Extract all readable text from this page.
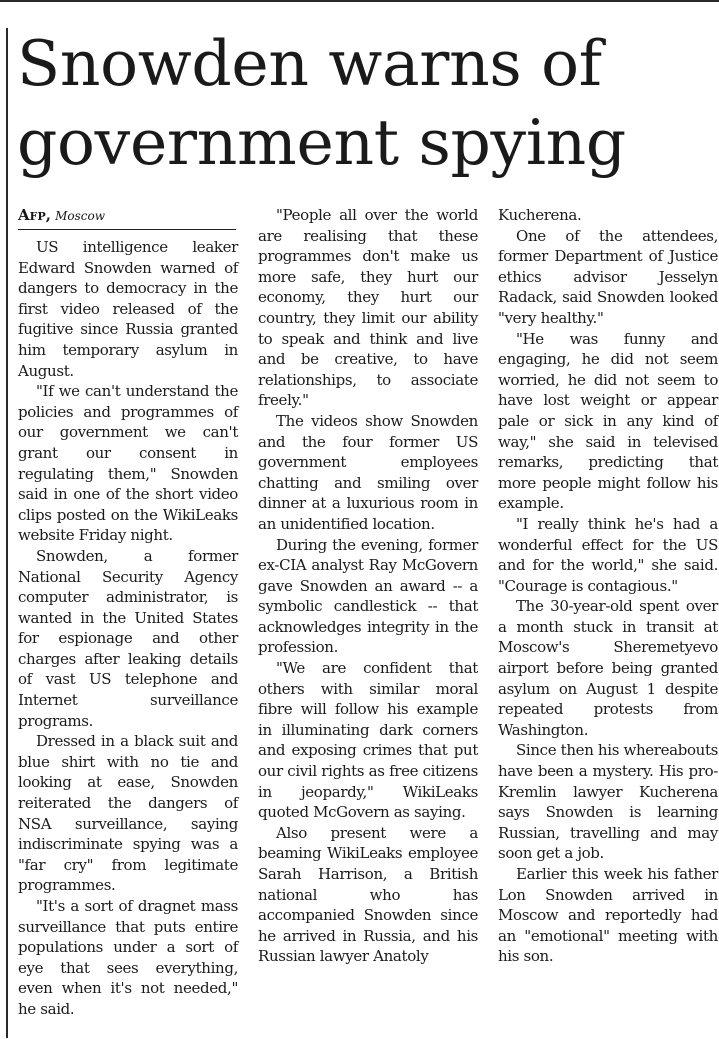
Snowden warns of
government spying
Afp, Moscow

US intelligence leaker Edward Snowden warned of dangers to democracy in the first video released of the fugitive since Russia granted him temporary asylum in August.

"If we can't understand the policies and programmes of our government we can't grant our consent in regulating them," Snowden said in one of the short video clips posted on the WikiLeaks website Friday night.

Snowden, a former National Security Agency computer administrator, is wanted in the United States for espionage and other charges after leaking details of vast US telephone and Internet surveillance programs.

Dressed in a black suit and blue shirt with no tie and looking at ease, Snowden reiterated the dangers of NSA surveillance, saying indiscriminate spying was a "far cry" from legitimate programmes.

"It's a sort of dragnet mass surveillance that puts entire populations under a sort of eye that sees everything, even when it's not needed," he said.

"People all over the world are realising that these programmes don't make us more safe, they hurt our economy, they hurt our country, they limit our ability to speak and think and live and be creative, to have relationships, to associate freely."

The videos show Snowden and the four former US government employees chatting and smiling over dinner at a luxurious room in an unidentified location.

During the evening, former ex-CIA analyst Ray McGovern gave Snowden an award -- a symbolic candlestick -- that acknowledges integrity in the profession.

"We are confident that others with similar moral fibre will follow his example in illuminating dark corners and exposing crimes that put our civil rights as free citizens in jeopardy," WikiLeaks quoted McGovern as saying.

Also present were a beaming WikiLeaks employee Sarah Harrison, a British national who has accompanied Snowden since he arrived in Russia, and his Russian lawyer Anatoly

Kucherena.

One of the attendees, former Department of Justice ethics advisor Jesselyn Radack, said Snowden looked "very healthy."

"He was funny and engaging, he did not seem worried, he did not seem to have lost weight or appear pale or sick in any kind of way," she said in televised remarks, predicting that more people might follow his example.

"I really think he's had a wonderful effect for the US and for the world," she said. "Courage is contagious."

The 30-year-old spent over a month stuck in transit at Moscow's Sheremetyevo airport before being granted asylum on August 1 despite repeated protests from Washington.

Since then his whereabouts have been a mystery. His pro-Kremlin lawyer Kucherena says Snowden is learning Russian, travelling and may soon get a job.

Earlier this week his father Lon Snowden arrived in Moscow and reportedly had an "emotional" meeting with his son.
